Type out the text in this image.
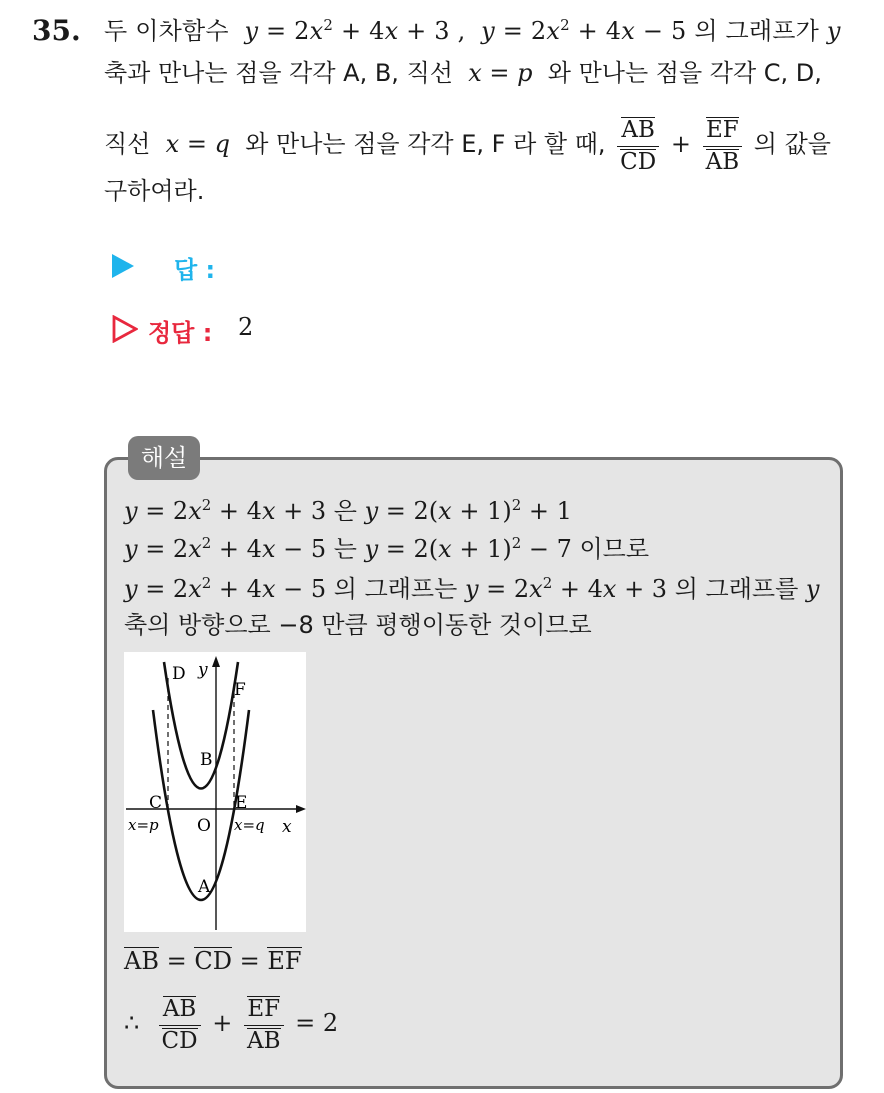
35. 두 이차함수 $y = 2x^2 + 4x + 3$ , $y = 2x^2 + 4x - 5$ 의 그래프가 y
축과 만나는 점을 각각 A, B, 직선 x = p 와 만나는 점을 각각 C, D,
직선 x = q 와 만나는 점을 각각 E, F 라 할 때, $\frac{AB}{CD} + \frac{EF}{AB}$ 의 값을
구하여라.
답 :
정답 : 2
해설
$y = 2x^2 + 4x + 3$ 은 $y = 2(x + 1)^2 + 1$
$y = 2x^2 + 4x - 5$ 는 $y = 2(x + 1)^2 - 7$ 이므로
$y = 2x^2 + 4x - 5$ 의 그래프는 $y = 2x^2 + 4x + 3$ 의 그래프를 y
축의 방향으로 −8 만큼 평행이동한 것이므로
D y
F
B
C	E
x=p O x=q x
A
AB = CD = EF
∴ $\frac{AB}{CD} + \frac{EF}{AB} = 2$
